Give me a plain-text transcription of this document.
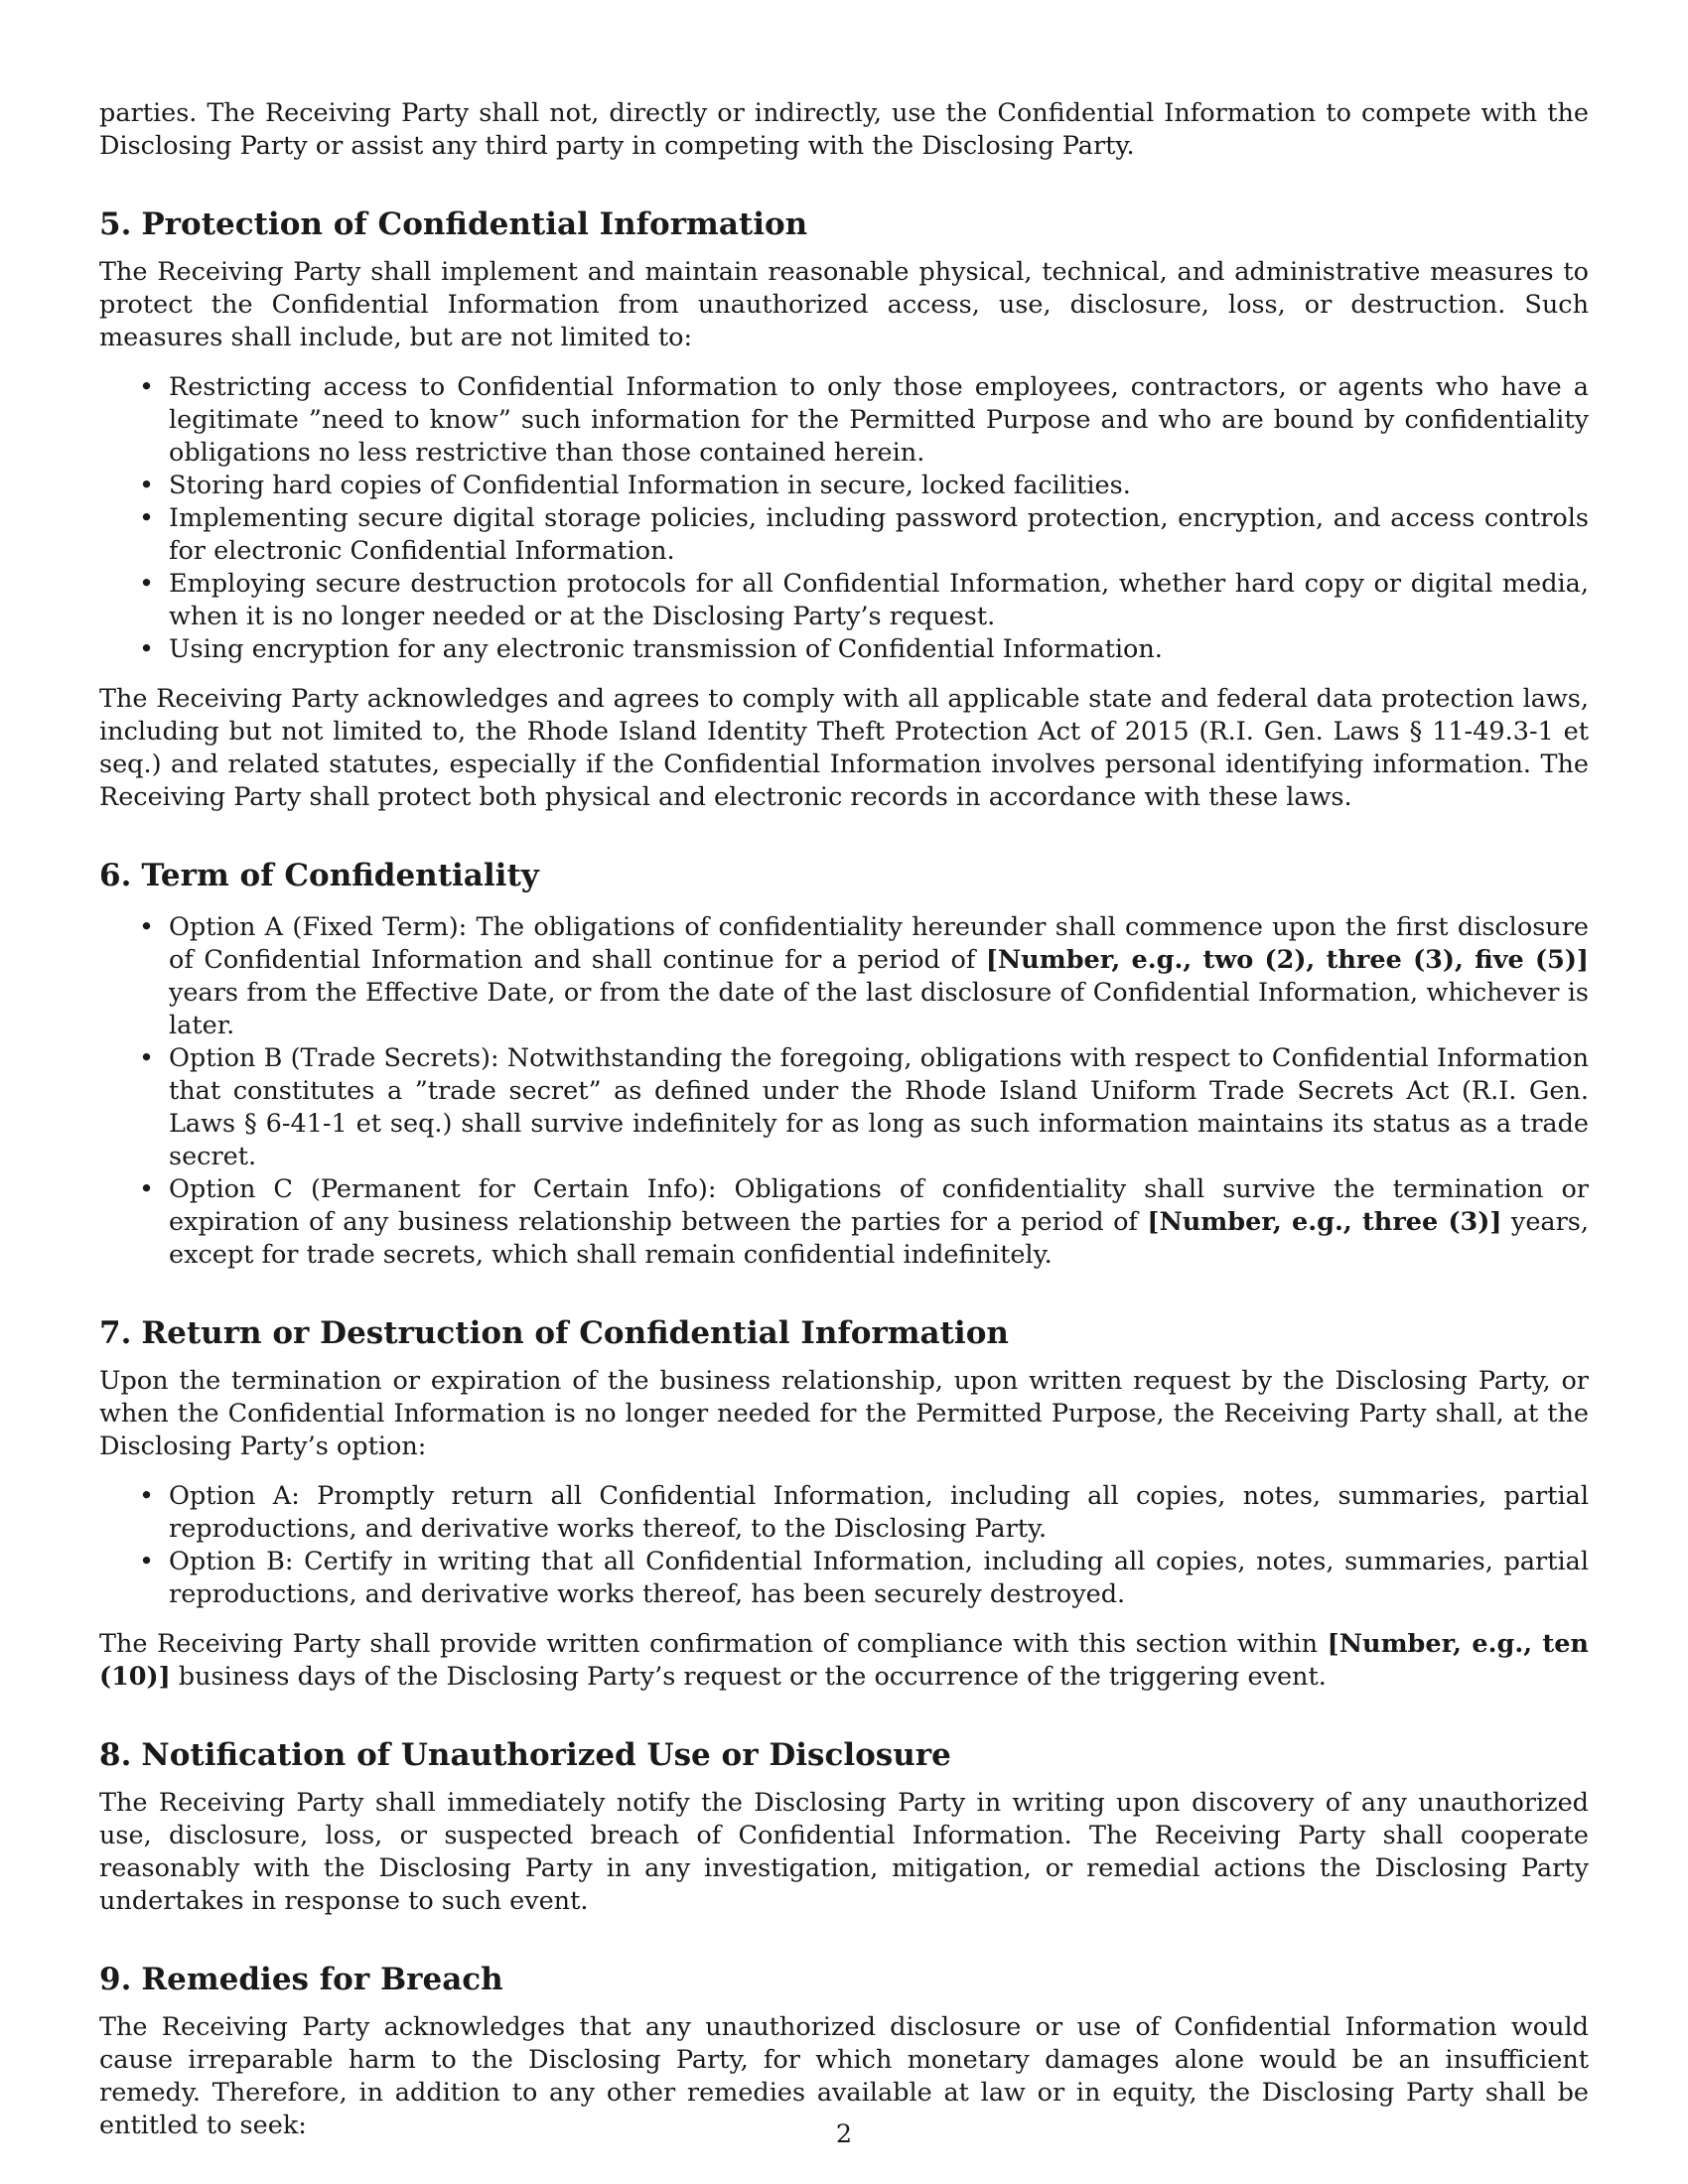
parties. The Receiving Party shall not, directly or indirectly, use the Confidential Information to compete with the Disclosing Party or assist any third party in competing with the Disclosing Party.

5. Protection of Confidential Information

The Receiving Party shall implement and maintain reasonable physical, technical, and administrative measures to protect the Confidential Information from unauthorized access, use, disclosure, loss, or destruction. Such measures shall include, but are not limited to:

• Restricting access to Confidential Information to only those employees, contractors, or agents who have a legitimate ”need to know” such information for the Permitted Purpose and who are bound by confidentiality obligations no less restrictive than those contained herein.
• Storing hard copies of Confidential Information in secure, locked facilities.
• Implementing secure digital storage policies, including password protection, encryption, and access controls for electronic Confidential Information.
• Employing secure destruction protocols for all Confidential Information, whether hard copy or digital media, when it is no longer needed or at the Disclosing Party’s request.
• Using encryption for any electronic transmission of Confidential Information.

The Receiving Party acknowledges and agrees to comply with all applicable state and federal data protection laws, including but not limited to, the Rhode Island Identity Theft Protection Act of 2015 (R.I. Gen. Laws § 11-49.3-1 et seq.) and related statutes, especially if the Confidential Information involves personal identifying information. The Receiving Party shall protect both physical and electronic records in accordance with these laws.

6. Term of Confidentiality
• Option A (Fixed Term): The obligations of confidentiality hereunder shall commence upon the first disclosure of Confidential Information and shall continue for a period of [Number, e.g., two (2), three (3), five (5)] years from the Effective Date, or from the date of the last disclosure of Confidential Information, whichever is later.
• Option B (Trade Secrets): Notwithstanding the foregoing, obligations with respect to Confidential Information that constitutes a ”trade secret” as defined under the Rhode Island Uniform Trade Secrets Act (R.I. Gen. Laws § 6-41-1 et seq.) shall survive indefinitely for as long as such information maintains its status as a trade secret.
• Option C (Permanent for Certain Info): Obligations of confidentiality shall survive the termination or expiration of any business relationship between the parties for a period of [Number, e.g., three (3)] years, except for trade secrets, which shall remain confidential indefinitely.
7. Return or Destruction of Confidential Information

Upon the termination or expiration of the business relationship, upon written request by the Disclosing Party, or when the Confidential Information is no longer needed for the Permitted Purpose, the Receiving Party shall, at the Disclosing Party’s option:

• Option A: Promptly return all Confidential Information, including all copies, notes, summaries, partial reproductions, and derivative works thereof, to the Disclosing Party.
• Option B: Certify in writing that all Confidential Information, including all copies, notes, summaries, partial reproductions, and derivative works thereof, has been securely destroyed.

The Receiving Party shall provide written confirmation of compliance with this section within [Number, e.g., ten (10)] business days of the Disclosing Party’s request or the occurrence of the triggering event.

8. Notification of Unauthorized Use or Disclosure

The Receiving Party shall immediately notify the Disclosing Party in writing upon discovery of any unauthorized use, disclosure, loss, or suspected breach of Confidential Information. The Receiving Party shall cooperate reasonably with the Disclosing Party in any investigation, mitigation, or remedial actions the Disclosing Party undertakes in response to such event.

9. Remedies for Breach

The Receiving Party acknowledges that any unauthorized disclosure or use of Confidential Information would cause irreparable harm to the Disclosing Party, for which monetary damages alone would be an insufficient remedy. Therefore, in addition to any other remedies available at law or in equity, the Disclosing Party shall be entitled to seek:	2
